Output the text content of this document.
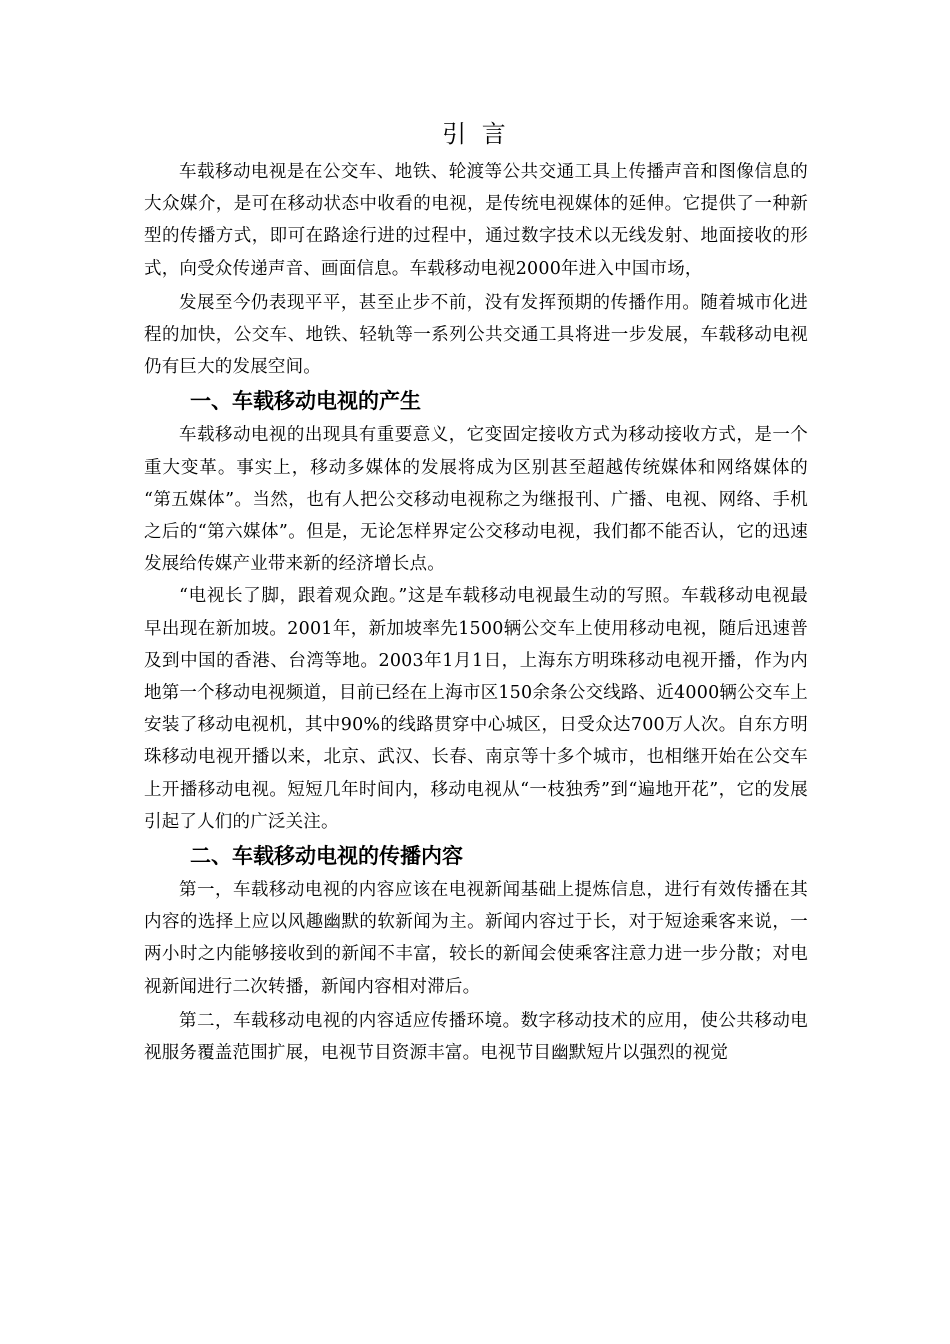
引 言

车载移动电视是在公交车、地铁、轮渡等公共交通工具上传播声音和图像信息的大众媒介，是可在移动状态中收看的电视，是传统电视媒体的延伸。它提供了一种新型的传播方式，即可在路途行进的过程中，通过数字技术以无线发射、地面接收的形式，向受众传递声音、画面信息。车载移动电视2000年进入中国市场，

发展至今仍表现平平，甚至止步不前，没有发挥预期的传播作用。随着城市化进程的加快，公交车、地铁、轻轨等一系列公共交通工具将进一步发展，车载移动电视仍有巨大的发展空间。

一、车载移动电视的产生

车载移动电视的出现具有重要意义，它变固定接收方式为移动接收方式，是一个重大变革。事实上，移动多媒体的发展将成为区别甚至超越传统媒体和网络媒体的 “第五媒体”。当然，也有人把公交移动电视称之为继报刊、广播、电视、网络、手机之后的“第六媒体”。但是，无论怎样界定公交移动电视，我们都不能否认，它的迅速发展给传媒产业带来新的经济增长点。

“电视长了脚，跟着观众跑。”这是车载移动电视最生动的写照。车载移动电视最早出现在新加坡。2001年，新加坡率先1500辆公交车上使用移动电视，随后迅速普及到中国的香港、台湾等地。2003年1月1日，上海东方明珠移动电视开播，作为内地第一个移动电视频道，目前已经在上海市区150余条公交线路、近4000辆公交车上安装了移动电视机，其中90%的线路贯穿中心城区，日受众达700万人次。自东方明珠移动电视开播以来，北京、武汉、长春、南京等十多个城市，也相继开始在公交车上开播移动电视。短短几年时间内，移动电视从“一枝独秀”到“遍地开花”，它的发展引起了人们的广泛关注。

二、车载移动电视的传播内容

第一，车载移动电视的内容应该在电视新闻基础上提炼信息，进行有效传播在其内容的选择上应以风趣幽默的软新闻为主。新闻内容过于长，对于短途乘客来说，一两小时之内能够接收到的新闻不丰富，较长的新闻会使乘客注意力进一步分散；对电视新闻进行二次转播，新闻内容相对滞后。

第二，车载移动电视的内容适应传播环境。数字移动技术的应用，使公共移动电视服务覆盖范围扩展，电视节目资源丰富。电视节目幽默短片以强烈的视觉
